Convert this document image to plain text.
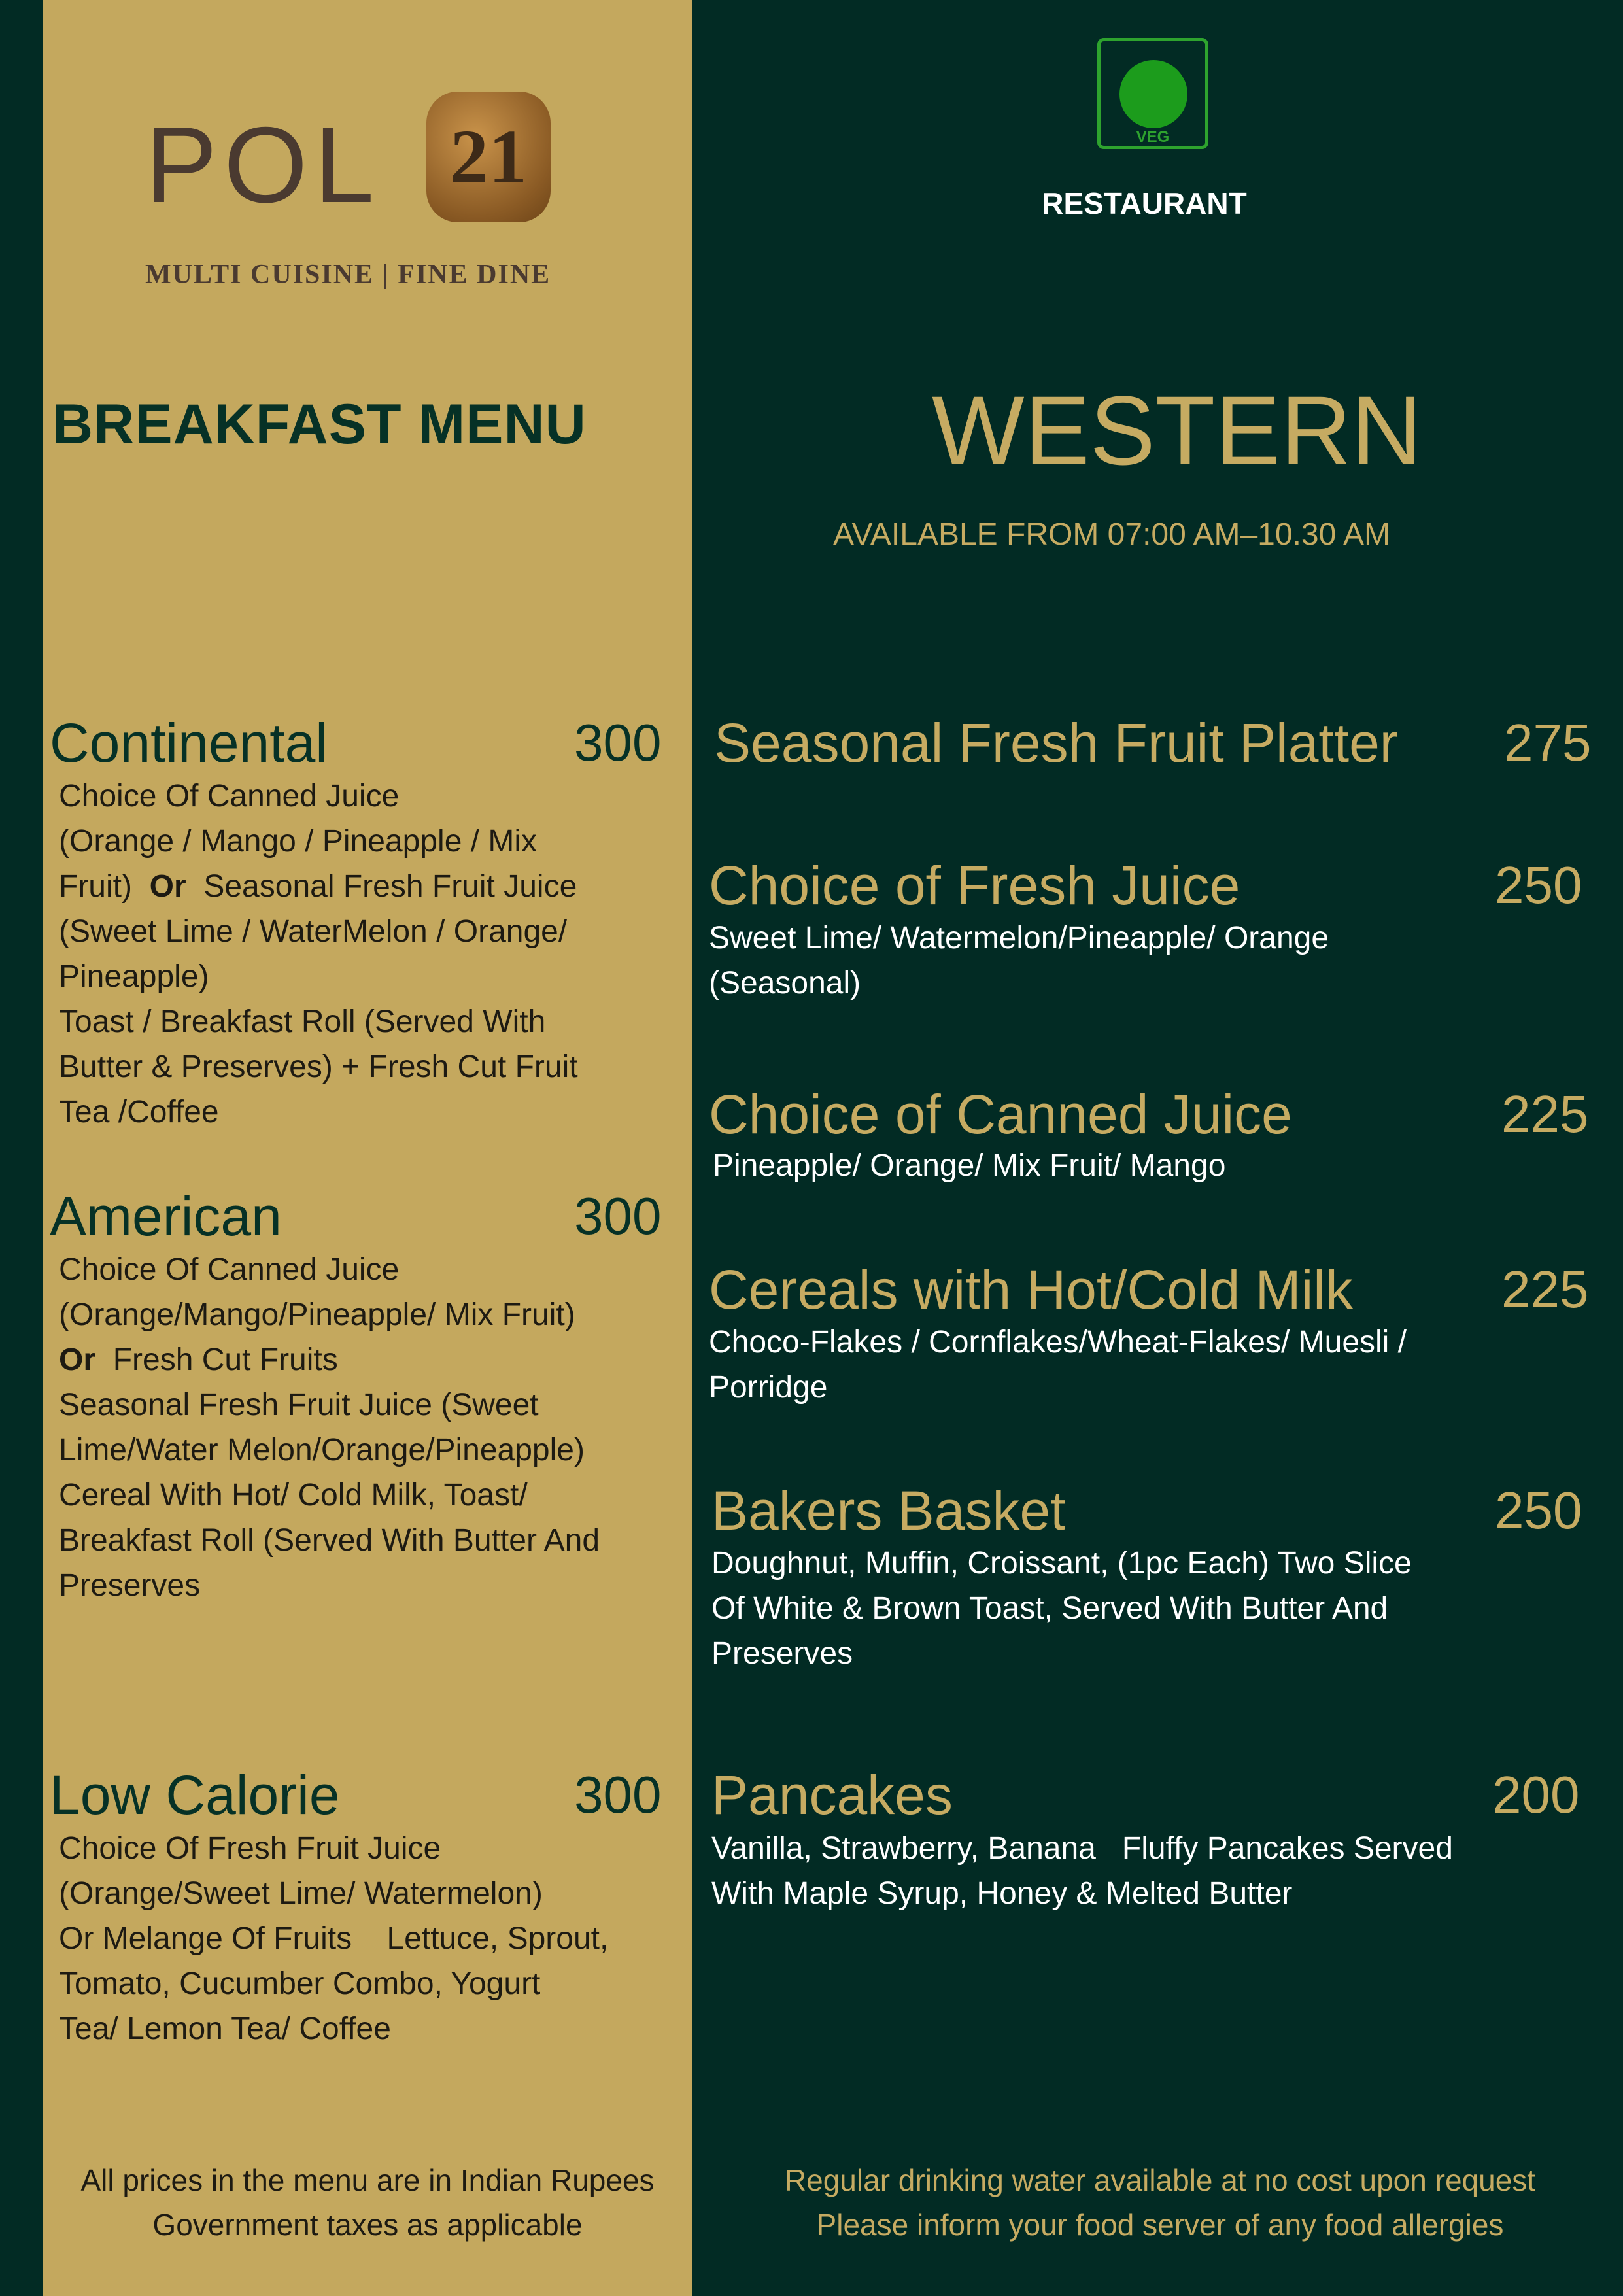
POL 21
MULTI CUISINE | FINE DINE
BREAKFAST MENU
Continental	300
Choice Of Canned Juice
(Orange / Mango / Pineapple / Mix
Fruit) Or Seasonal Fresh Fruit Juice
(Sweet Lime / WaterMelon / Orange/
Pineapple)
Toast / Breakfast Roll (Served With
Butter & Preserves) + Fresh Cut Fruit
Tea /Coffee
American	300
Choice Of Canned Juice
(Orange/Mango/Pineapple/ Mix Fruit)
Or Fresh Cut Fruits
Seasonal Fresh Fruit Juice (Sweet
Lime/Water Melon/Orange/Pineapple)
Cereal With Hot/ Cold Milk, Toast/
Breakfast Roll (Served With Butter And
Preserves
Low Calorie	300
Choice Of Fresh Fruit Juice
(Orange/Sweet Lime/ Watermelon)
Or Melange Of Fruits Lettuce, Sprout,
Tomato, Cucumber Combo, Yogurt
Tea/ Lemon Tea/ Coffee
All prices in the menu are in Indian Rupees
Government taxes as applicable
VEG
RESTAURANT
WESTERN
AVAILABLE FROM 07:00 AM–10.30 AM
Seasonal Fresh Fruit Platter 275
Choice of Fresh Juice	250
Sweet Lime/ Watermelon/Pineapple/ Orange
(Seasonal)
Choice of Canned Juice	225
Pineapple/ Orange/ Mix Fruit/ Mango
Cereals with Hot/Cold Milk	225
Choco-Flakes / Cornflakes/Wheat-Flakes/ Muesli /
Porridge
Bakers Basket	250
Doughnut, Muffin, Croissant, (1pc Each) Two Slice
Of White & Brown Toast, Served With Butter And
Preserves
Pancakes	200
Vanilla, Strawberry, Banana Fluffy Pancakes Served
With Maple Syrup, Honey & Melted Butter
Regular drinking water available at no cost upon request
Please inform your food server of any food allergies
